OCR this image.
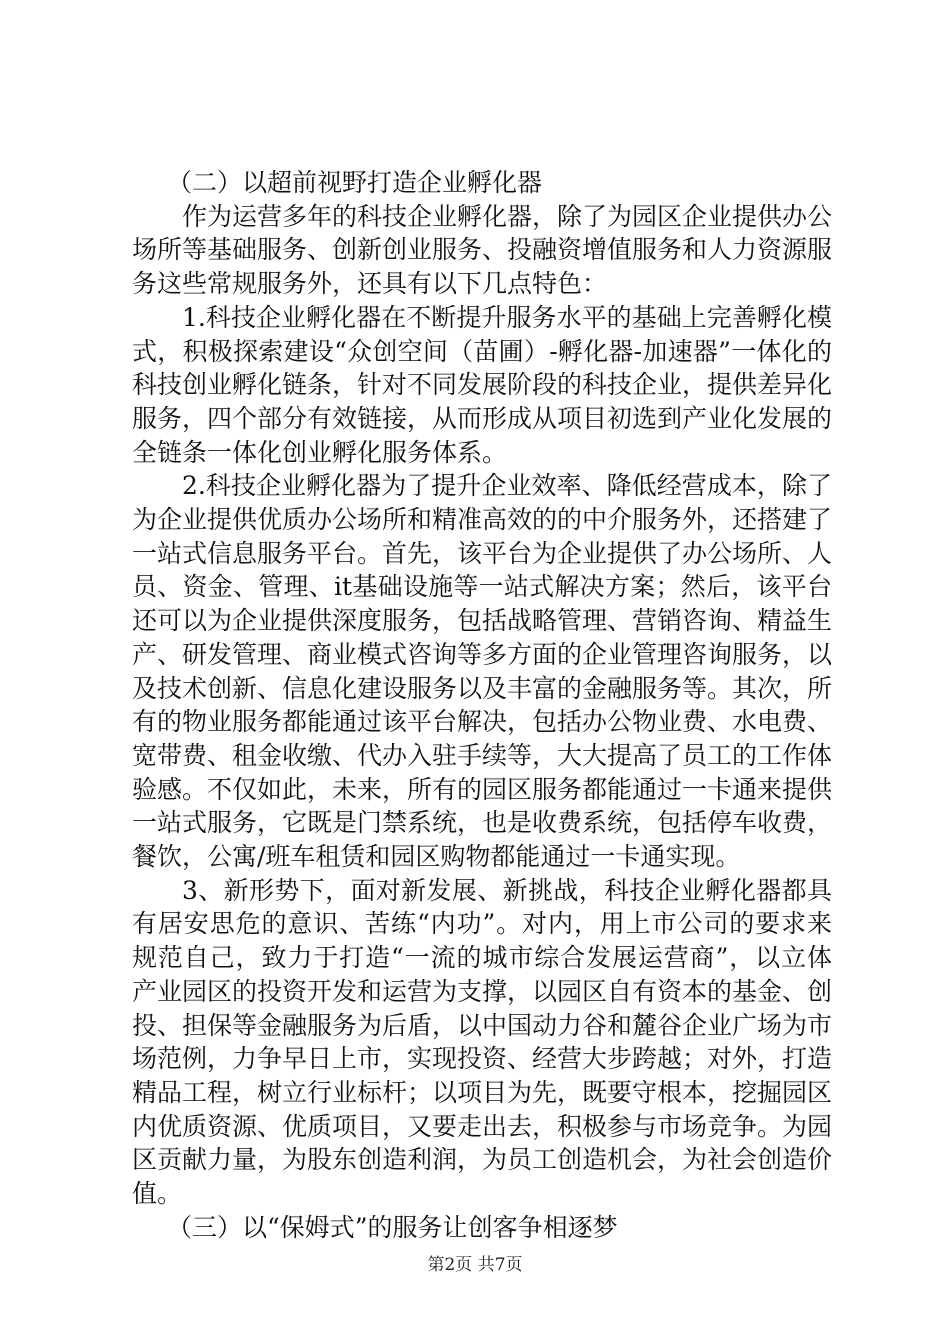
（二）以超前视野打造企业孵化器

作为运营多年的科技企业孵化器，除了为园区企业提供办公场所等基础服务、创新创业服务、投融资增值服务和人力资源服务这些常规服务外，还具有以下几点特色：

1.科技企业孵化器在不断提升服务水平的基础上完善孵化模式，积极探索建设“众创空间（苗圃）-孵化器-加速器”一体化的科技创业孵化链条，针对不同发展阶段的科技企业，提供差异化服务，四个部分有效链接，从而形成从项目初选到产业化发展的全链条一体化创业孵化服务体系。

2.科技企业孵化器为了提升企业效率、降低经营成本，除了为企业提供优质办公场所和精准高效的的中介服务外，还搭建了一站式信息服务平台。首先，该平台为企业提供了办公场所、人员、资金、管理、it基础设施等一站式解决方案；然后，该平台还可以为企业提供深度服务，包括战略管理、营销咨询、精益生产、研发管理、商业模式咨询等多方面的企业管理咨询服务，以及技术创新、信息化建设服务以及丰富的金融服务等。其次，所有的物业服务都能通过该平台解决，包括办公物业费、水电费、宽带费、租金收缴、代办入驻手续等，大大提高了员工的工作体验感。不仅如此，未来，所有的园区服务都能通过一卡通来提供一站式服务，它既是门禁系统，也是收费系统，包括停车收费，餐饮，公寓/班车租赁和园区购物都能通过一卡通实现。

3、新形势下，面对新发展、新挑战，科技企业孵化器都具有居安思危的意识、苦练“内功”。对内，用上市公司的要求来规范自己，致力于打造“一流的城市综合发展运营商”，以立体产业园区的投资开发和运营为支撑，以园区自有资本的基金、创投、担保等金融服务为后盾，以中国动力谷和麓谷企业广场为市场范例，力争早日上市，实现投资、经营大步跨越；对外，打造精品工程，树立行业标杆；以项目为先，既要守根本，挖掘园区内优质资源、优质项目，又要走出去，积极参与市场竞争。为园区贡献力量，为股东创造利润，为员工创造机会，为社会创造价值。

（三）以“保姆式”的服务让创客争相逐梦

第2页 共7页
